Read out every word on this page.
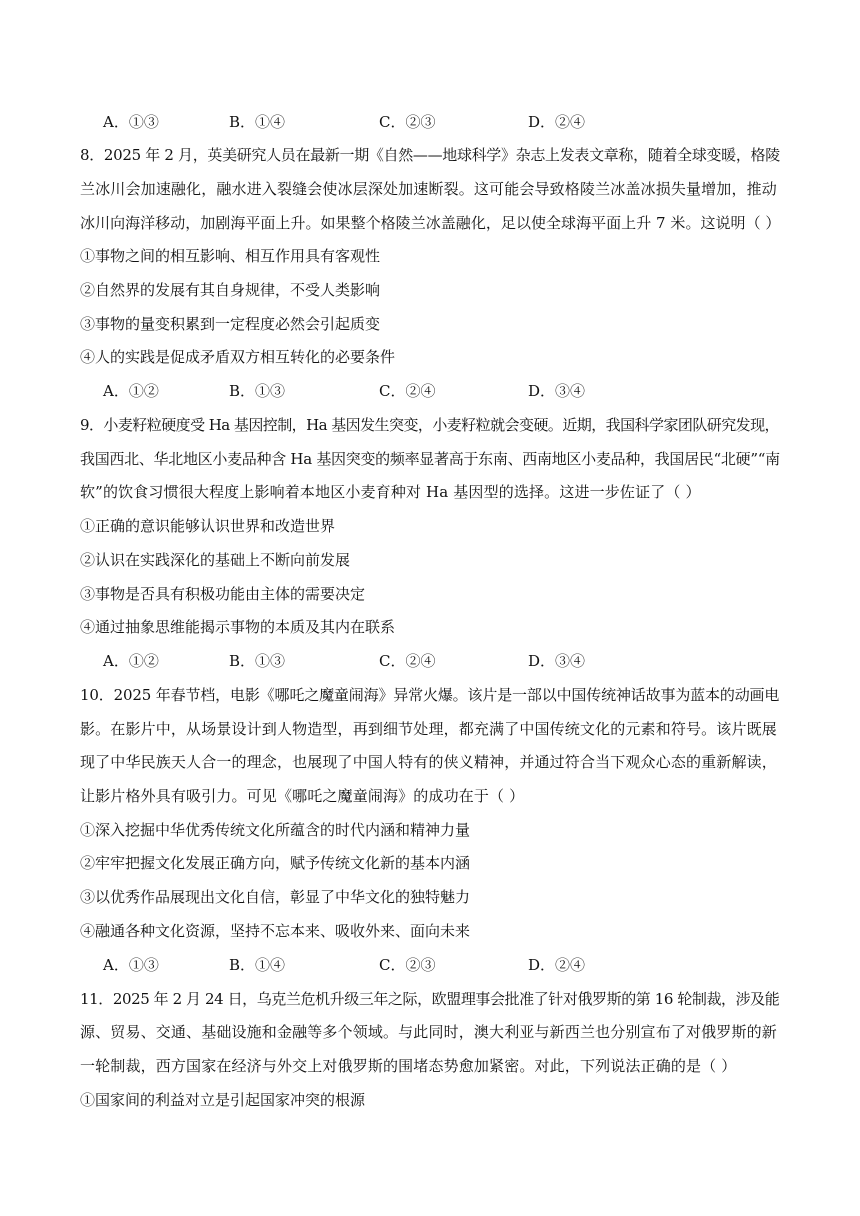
A．①③	B．①④	C．②③	D．②④
8．2025 年 2 月，英美研究人员在最新一期《自然——地球科学》杂志上发表文章称，随着全球变暖，格陵
兰冰川会加速融化，融水进入裂缝会使冰层深处加速断裂。这可能会导致格陵兰冰盖冰损失量增加，推动
冰川向海洋移动，加剧海平面上升。如果整个格陵兰冰盖融化，足以使全球海平面上升 7 米。这说明（ ）
①事物之间的相互影响、相互作用具有客观性
②自然界的发展有其自身规律，不受人类影响
③事物的量变积累到一定程度必然会引起质变
④人的实践是促成矛盾双方相互转化的必要条件
A．①②	B．①③	C．②④	D．③④
9．小麦籽粒硬度受 Ha 基因控制，Ha 基因发生突变，小麦籽粒就会变硬。近期，我国科学家团队研究发现，
我国西北、华北地区小麦品种含 Ha 基因突变的频率显著高于东南、西南地区小麦品种，我国居民“北硬”“南
软”的饮食习惯很大程度上影响着本地区小麦育种对 Ha 基因型的选择。这进一步佐证了（ ）
①正确的意识能够认识世界和改造世界
②认识在实践深化的基础上不断向前发展
③事物是否具有积极功能由主体的需要决定
④通过抽象思维能揭示事物的本质及其内在联系
A．①②	B．①③	C．②④	D．③④
10．2025 年春节档，电影《哪吒之魔童闹海》异常火爆。该片是一部以中国传统神话故事为蓝本的动画电
影。在影片中，从场景设计到人物造型，再到细节处理，都充满了中国传统文化的元素和符号。该片既展
现了中华民族天人合一的理念，也展现了中国人特有的侠义精神，并通过符合当下观众心态的重新解读，
让影片格外具有吸引力。可见《哪吒之魔童闹海》的成功在于（ ）
①深入挖掘中华优秀传统文化所蕴含的时代内涵和精神力量
②牢牢把握文化发展正确方向，赋予传统文化新的基本内涵
③以优秀作品展现出文化自信，彰显了中华文化的独特魅力
④融通各种文化资源，坚持不忘本来、吸收外来、面向未来
A．①③	B．①④	C．②③	D．②④
11．2025 年 2 月 24 日，乌克兰危机升级三年之际，欧盟理事会批准了针对俄罗斯的第 16 轮制裁，涉及能
源、贸易、交通、基础设施和金融等多个领域。与此同时，澳大利亚与新西兰也分别宣布了对俄罗斯的新
一轮制裁，西方国家在经济与外交上对俄罗斯的围堵态势愈加紧密。对此，下列说法正确的是（ ）
①国家间的利益对立是引起国家冲突的根源
